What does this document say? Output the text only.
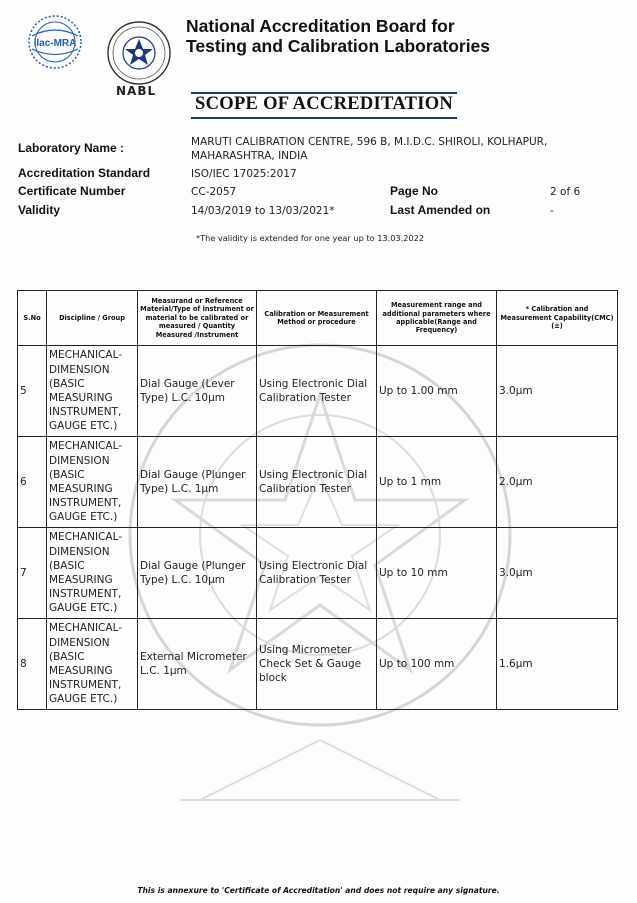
ilac-MRA
NABL
National Accreditation Board for
Testing and Calibration Laboratories
SCOPE OF ACCREDITATION
Laboratory Name :	MARUTI CALIBRATION CENTRE, 596 B, M.I.D.C. SHIROLI, KOLHAPUR,
MAHARASHTRA, INDIA
Accreditation Standard	ISO/IEC 17025:2017
Certificate Number	CC-2057	Page No	2 of 6
Validity	14/03/2019 to 13/03/2021*	Last Amended on	-
*The validity is extended for one year up to 13.03.2022
S.No	Discipline / Group	Measurand or Reference Material/Type of instrument or material to be calibrated or measured / Quantity Measured /Instrument	Calibration or Measurement Method or procedure	Measurement range and additional parameters where applicable(Range and Frequency)	* Calibration and Measurement Capability(CMC)(±)
5	MECHANICAL- DIMENSION (BASIC MEASURING INSTRUMENT, GAUGE ETC.)	Dial Gauge (Lever Type) L.C. 10µm	Using Electronic Dial Calibration Tester	Up to 1.00 mm	3.0µm
6	MECHANICAL- DIMENSION (BASIC MEASURING INSTRUMENT, GAUGE ETC.)	Dial Gauge (Plunger Type) L.C. 1µm	Using Electronic Dial Calibration Tester	Up to 1 mm	2.0µm
7	MECHANICAL- DIMENSION (BASIC MEASURING INSTRUMENT, GAUGE ETC.)	Dial Gauge (Plunger Type) L.C. 10µm	Using Electronic Dial Calibration Tester	Up to 10 mm	3.0µm
8	MECHANICAL- DIMENSION (BASIC MEASURING INSTRUMENT, GAUGE ETC.)	External Micrometer L.C. 1µm	Using Micrometer Check Set & Gauge block	Up to 100 mm	1.6µm
This is annexure to 'Certificate of Accreditation' and does not require any signature.
